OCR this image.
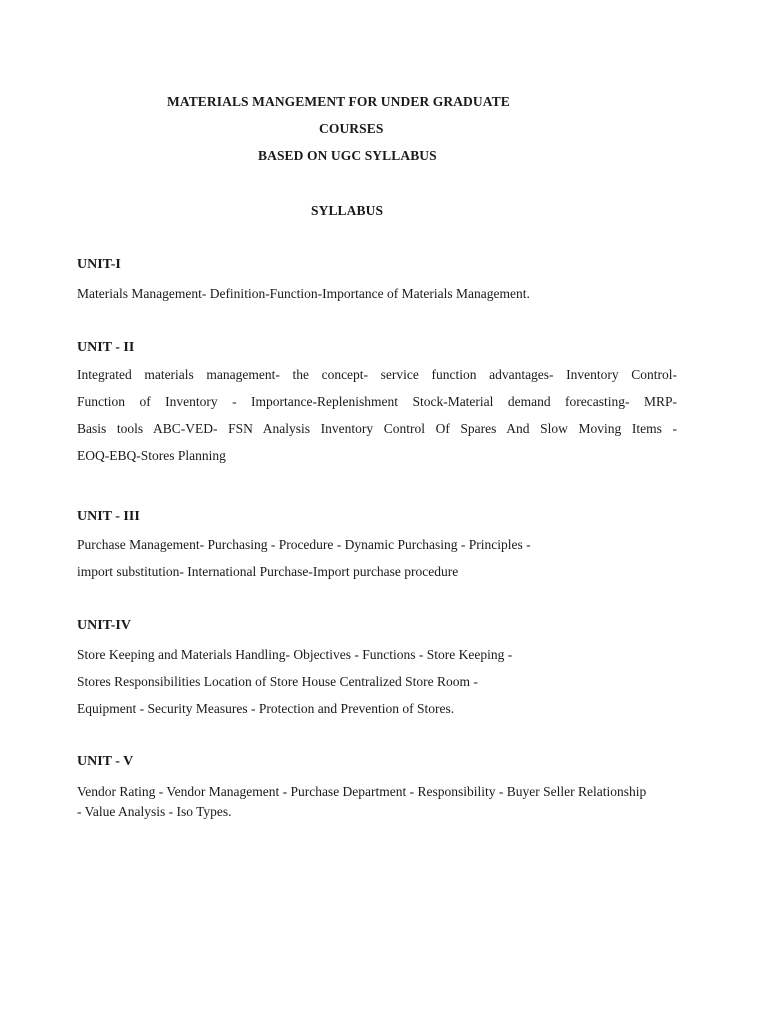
MATERIALS MANGEMENT FOR UNDER GRADUATE
COURSES
BASED ON UGC SYLLABUS
SYLLABUS
UNIT-I
Materials Management- Definition-Function-Importance of Materials Management.
UNIT - II
Integrated materials management- the concept- service function advantages- Inventory Control-
Function of Inventory - Importance-Replenishment Stock-Material demand forecasting- MRP-
Basis tools ABC-VED- FSN Analysis Inventory Control Of Spares And Slow Moving Items -
EOQ-EBQ-Stores Planning
UNIT - III
Purchase Management- Purchasing - Procedure - Dynamic Purchasing - Principles -
import substitution- International Purchase-Import purchase procedure
UNIT-IV
Store Keeping and Materials Handling- Objectives - Functions - Store Keeping -
Stores Responsibilities Location of Store House Centralized Store Room -
Equipment - Security Measures - Protection and Prevention of Stores.
UNIT - V
Vendor Rating - Vendor Management - Purchase Department - Responsibility - Buyer Seller Relationship - Value Analysis - Iso Types.
